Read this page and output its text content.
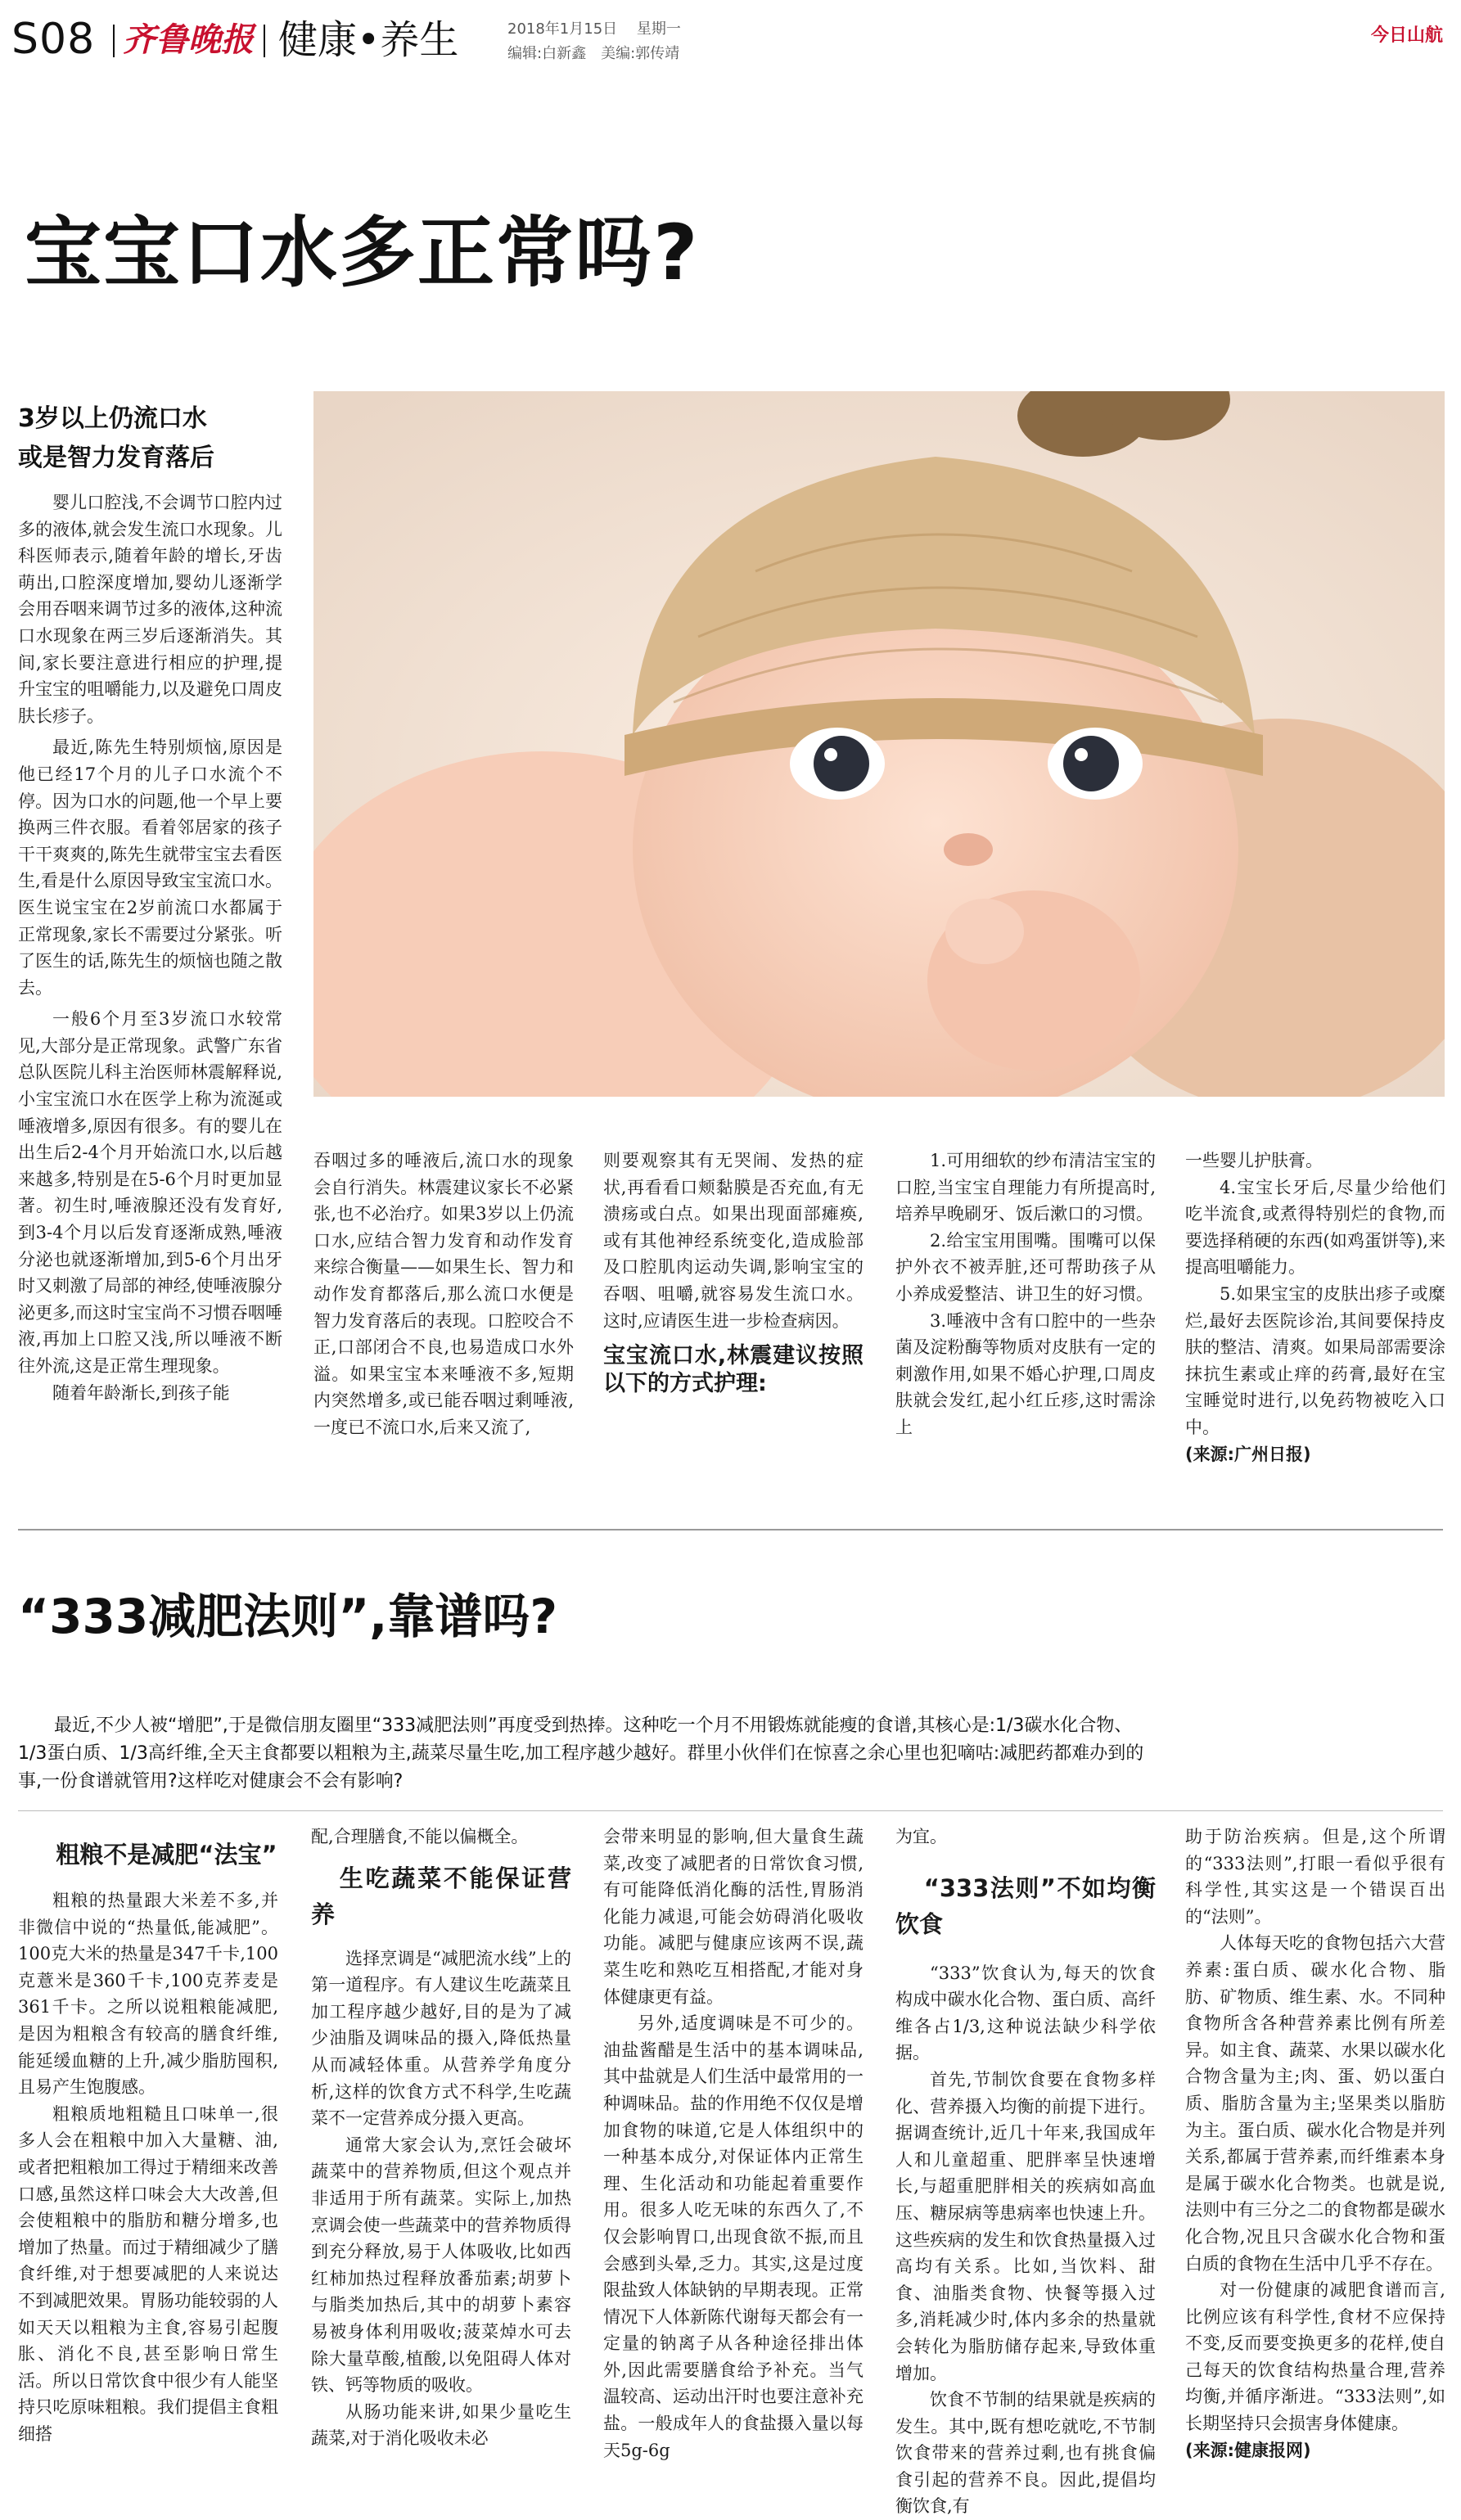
S08 齐鲁晚报 健康•养生	2018年1月15日 星期一
编辑:白新鑫　美编:郭传靖
今日山航
宝宝口水多正常吗?
3岁以上仍流口水
或是智力发育落后

婴儿口腔浅,不会调节口腔内过多的液体,就会发生流口水现象。儿科医师表示,随着年龄的增长,牙齿萌出,口腔深度增加,婴幼儿逐渐学会用吞咽来调节过多的液体,这种流口水现象在两三岁后逐渐消失。其间,家长要注意进行相应的护理,提升宝宝的咀嚼能力,以及避免口周皮肤长疹子。

最近,陈先生特别烦恼,原因是他已经17个月的儿子口水流个不停。因为口水的问题,他一个早上要换两三件衣服。看着邻居家的孩子干干爽爽的,陈先生就带宝宝去看医生,看是什么原因导致宝宝流口水。医生说宝宝在2岁前流口水都属于正常现象,家长不需要过分紧张。听了医生的话,陈先生的烦恼也随之散去。

一般6个月至3岁流口水较常见,大部分是正常现象。武警广东省总队医院儿科主治医师林震解释说,小宝宝流口水在医学上称为流涎或唾液增多,原因有很多。有的婴儿在出生后2-4个月开始流口水,以后越来越多,特别是在5-6个月时更加显著。初生时,唾液腺还没有发育好,到3-4个月以后发育逐渐成熟,唾液分泌也就逐渐增加,到5-6个月出牙时又刺激了局部的神经,使唾液腺分泌更多,而这时宝宝尚不习惯吞咽唾液,再加上口腔又浅,所以唾液不断往外流,这是正常生理现象。

随着年龄渐长,到孩子能

吞咽过多的唾液后,流口水的现象会自行消失。林震建议家长不必紧张,也不必治疗。如果3岁以上仍流口水,应结合智力发育和动作发育来综合衡量——如果生长、智力和动作发育都落后,那么流口水便是智力发育落后的表现。口腔咬合不正,口部闭合不良,也易造成口水外溢。如果宝宝本来唾液不多,短期内突然增多,或已能吞咽过剩唾液,一度已不流口水,后来又流了,

则要观察其有无哭闹、发热的症状,再看看口颊黏膜是否充血,有无溃疡或白点。如果出现面部瘫痪,或有其他神经系统变化,造成脸部及口腔肌肉运动失调,影响宝宝的吞咽、咀嚼,就容易发生流口水。这时,应请医生进一步检查病因。

宝宝流口水,林震建议按照以下的方式护理:

1.可用细软的纱布清洁宝宝的口腔,当宝宝自理能力有所提高时,培养早晚刷牙、饭后漱口的习惯。

2.给宝宝用围嘴。围嘴可以保护外衣不被弄脏,还可帮助孩子从小养成爱整洁、讲卫生的好习惯。

3.唾液中含有口腔中的一些杂菌及淀粉酶等物质对皮肤有一定的刺激作用,如果不婚心护理,口周皮肤就会发红,起小红丘疹,这时需涂上

一些婴儿护肤膏。

4.宝宝长牙后,尽量少给他们吃半流食,或煮得特别烂的食物,而要选择稍硬的东西(如鸡蛋饼等),来提高咀嚼能力。

5.如果宝宝的皮肤出疹子或糜烂,最好去医院诊治,其间要保持皮肤的整洁、清爽。如果局部需要涂抹抗生素或止痒的药膏,最好在宝宝睡觉时进行,以免药物被吃入口中。

(来源:广州日报)

“333减肥法则”,靠谱吗?
最近,不少人被“增肥”,于是微信朋友圈里“333减肥法则”再度受到热捧。这种吃一个月不用锻炼就能瘦的食谱,其核心是:1/3碳水化合物、1/3蛋白质、1/3高纤维,全天主食都要以粗粮为主,蔬菜尽量生吃,加工程序越少越好。群里小伙伴们在惊喜之余心里也犯嘀咕:减肥药都难办到的事,一份食谱就管用?这样吃对健康会不会有影响?

粗粮不是减肥“法宝”

粗粮的热量跟大米差不多,并非微信中说的“热量低,能减肥”。100克大米的热量是347千卡,100克薏米是360千卡,100克荞麦是361千卡。之所以说粗粮能减肥,是因为粗粮含有较高的膳食纤维,能延缓血糖的上升,减少脂肪囤积,且易产生饱腹感。

粗粮质地粗糙且口味单一,很多人会在粗粮中加入大量糖、油,或者把粗粮加工得过于精细来改善口感,虽然这样口味会大大改善,但会使粗粮中的脂肪和糖分增多,也增加了热量。而过于精细减少了膳食纤维,对于想要减肥的人来说达不到减肥效果。胃肠功能较弱的人如天天以粗粮为主食,容易引起腹胀、消化不良,甚至影响日常生活。所以日常饮食中很少有人能坚持只吃原味粗粮。我们提倡主食粗细搭

配,合理膳食,不能以偏概全。

生吃蔬菜不能保证营养

选择烹调是“减肥流水线”上的第一道程序。有人建议生吃蔬菜且加工程序越少越好,目的是为了减少油脂及调味品的摄入,降低热量从而减轻体重。从营养学角度分析,这样的饮食方式不科学,生吃蔬菜不一定营养成分摄入更高。

通常大家会认为,烹饪会破坏蔬菜中的营养物质,但这个观点并非适用于所有蔬菜。实际上,加热烹调会使一些蔬菜中的营养物质得到充分释放,易于人体吸收,比如西红柿加热过程释放番茄素;胡萝卜与脂类加热后,其中的胡萝卜素容易被身体利用吸收;菠菜焯水可去除大量草酸,植酸,以免阻碍人体对铁、钙等物质的吸收。

从肠功能来讲,如果少量吃生蔬菜,对于消化吸收未必

会带来明显的影响,但大量食生蔬菜,改变了减肥者的日常饮食习惯,有可能降低消化酶的活性,胃肠消化能力减退,可能会妨碍消化吸收功能。减肥与健康应该两不误,蔬菜生吃和熟吃互相搭配,才能对身体健康更有益。

另外,适度调味是不可少的。油盐酱醋是生活中的基本调味品,其中盐就是人们生活中最常用的一种调味品。盐的作用绝不仅仅是增加食物的味道,它是人体组织中的一种基本成分,对保证体内正常生理、生化活动和功能起着重要作用。很多人吃无味的东西久了,不仅会影响胃口,出现食欲不振,而且会感到头晕,乏力。其实,这是过度限盐致人体缺钠的早期表现。正常情况下人体新陈代谢每天都会有一定量的钠离子从各种途径排出体外,因此需要膳食给予补充。当气温较高、运动出汗时也要注意补充盐。一般成年人的食盐摄入量以每天5g-6g

为宜。

“333法则”不如均衡饮食

“333”饮食认为,每天的饮食构成中碳水化合物、蛋白质、高纤维各占1/3,这种说法缺少科学依据。

首先,节制饮食要在食物多样化、营养摄入均衡的前提下进行。据调查统计,近几十年来,我国成年人和儿童超重、肥胖率呈快速增长,与超重肥胖相关的疾病如高血压、糖尿病等患病率也快速上升。这些疾病的发生和饮食热量摄入过高均有关系。比如,当饮料、甜食、油脂类食物、快餐等摄入过多,消耗减少时,体内多余的热量就会转化为脂肪储存起来,导致体重增加。

饮食不节制的结果就是疾病的发生。其中,既有想吃就吃,不节制饮食带来的营养过剩,也有挑食偏食引起的营养不良。因此,提倡均衡饮食,有

助于防治疾病。但是,这个所谓的“333法则”,打眼一看似乎很有科学性,其实这是一个错误百出的“法则”。

人体每天吃的食物包括六大营养素:蛋白质、碳水化合物、脂肪、矿物质、维生素、水。不同种食物所含各种营养素比例有所差异。如主食、蔬菜、水果以碳水化合物含量为主;肉、蛋、奶以蛋白质、脂肪含量为主;坚果类以脂肪为主。蛋白质、碳水化合物是并列关系,都属于营养素,而纤维素本身是属于碳水化合物类。也就是说,法则中有三分之二的食物都是碳水化合物,况且只含碳水化合物和蛋白质的食物在生活中几乎不存在。

对一份健康的减肥食谱而言,比例应该有科学性,食材不应保持不变,反而要变换更多的花样,使自己每天的饮食结构热量合理,营养均衡,并循序渐进。“333法则”,如长期坚持只会损害身体健康。

(来源:健康报网)
